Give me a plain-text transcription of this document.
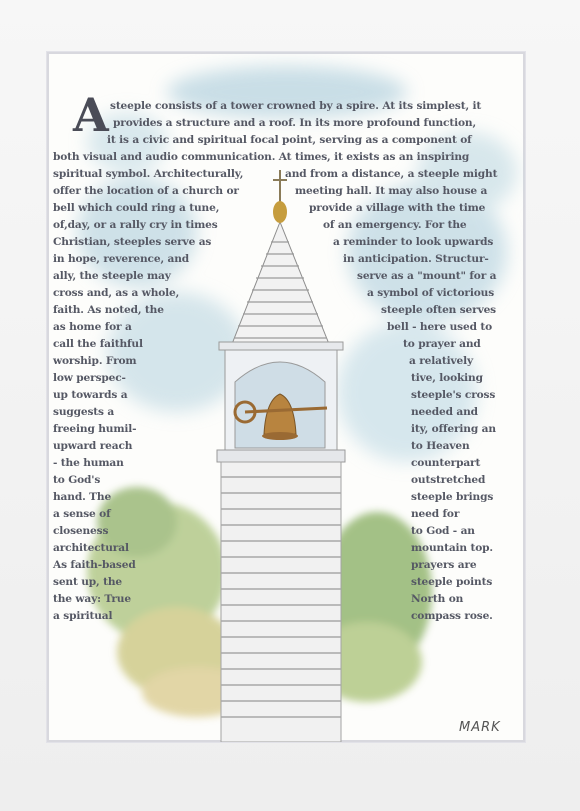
A steeple consists of a tower crowned by a spire. At its simplest, it
provides a structure and a roof. In its more profound function,
it is a civic and spiritual focal point, serving as a component of
both visual and audio communication. At times, it exists as an inspiring
spiritual symbol. Architecturally,	and from a distance, a steeple might
offer the location of a church or	meeting hall. It may also house a
bell which could ring a tune,	provide a village with the time
of,day, or a rally cry in times	of an emergency. For the
Christian, steeples serve as	a reminder to look upwards
in hope, reverence, and	in anticipation. Structur-
ally, the steeple may	serve as a "mount" for a
cross and, as a whole,	a symbol of victorious
faith. As noted, the	steeple often serves
as home for a	bell - here used to
call the faithful	to prayer and
worship. From	a relatively
low perspec-	tive, looking
up towards a	steeple's cross
suggests a	needed and
freeing humil-	ity, offering an
upward reach	to Heaven
- the human	counterpart
to God's	outstretched
hand. The	steeple brings
a sense of	need for
closeness	to God - an
architectural	mountain top.
As faith-based	prayers are
sent up, the	steeple points
the way: True	North on
a spiritual	compass rose.
MARK
